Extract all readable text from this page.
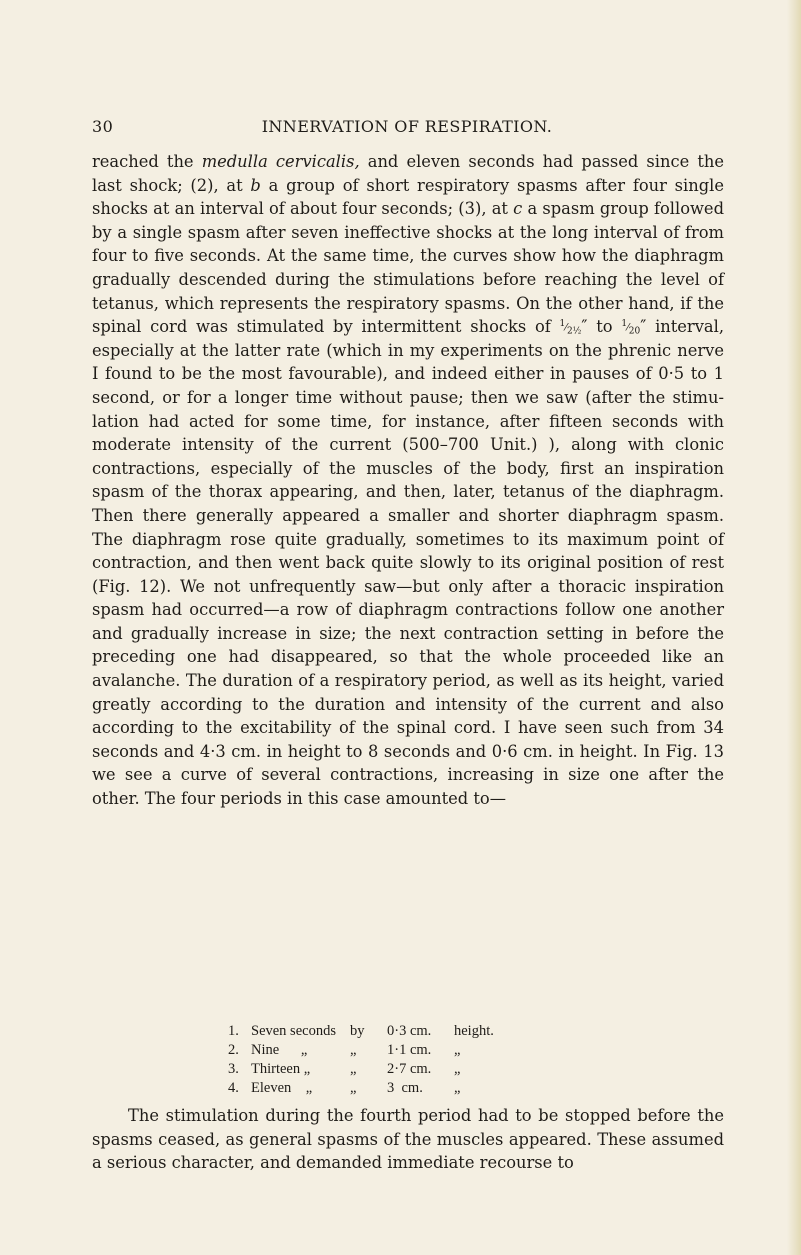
30	INNERVATION OF RESPIRATION.

reached the medulla cervicalis, and eleven seconds had passed since the last shock; (2), at b a group of short respiratory spasms after four single shocks at an interval of about four seconds; (3), at c a spasm group followed by a single spasm after seven ineffective shocks at the long interval of from four to five seconds. At the same time, the curves show how the diaphragm gradually descended during the stimulations before reaching the level of tetanus, which represents the respiratory spasms. On the other hand, if the spinal cord was stimulated by intermittent shocks of $^1⁄_{2\frac{1}{2}}''$ to $^1⁄_{20}''$ interval, especially at the latter rate (which in my experiments on the phrenic nerve I found to be the most favourable), and indeed either in pauses of 0·5 to 1 second, or for a longer time without pause; then we saw (after the stimulation had acted for some time, for instance, after fifteen seconds with moderate intensity of the current (500–700 Unit.) ), along with clonic contractions, especially of the muscles of the body, first an inspiration spasm of the thorax appearing, and then, later, tetanus of the diaphragm. Then there generally appeared a smaller and shorter diaphragm spasm. The diaphragm rose quite gradually, sometimes to its maximum point of contraction, and then went back quite slowly to its original position of rest (Fig. 12). We not unfrequently saw—but only after a thoracic inspiration spasm had occurred—a row of diaphragm contractions follow one another and gradually increase in size; the next contraction setting in before the preceding one had disappeared, so that the whole proceeded like an avalanche. The duration of a respiratory period, as well as its height, varied greatly according to the duration and intensity of the current and also according to the excitability of the spinal cord. I have seen such from 34 seconds and 4·3 cm. in height to 8 seconds and 0·6 cm. in height. In Fig. 13 we see a curve of several contractions, increasing in size one after the other. The four periods in this case amounted to—

1.	Seven seconds	by	0·3 cm.	height.
2.	Nine      „	„	1·1 cm.	„
3.	Thirteen „	„	2·7 cm.	„
4.	Eleven    „	„	3  cm.	„

The stimulation during the fourth period had to be stopped before the spasms ceased, as general spasms of the muscles appeared. These assumed a serious character, and demanded immediate recourse to
